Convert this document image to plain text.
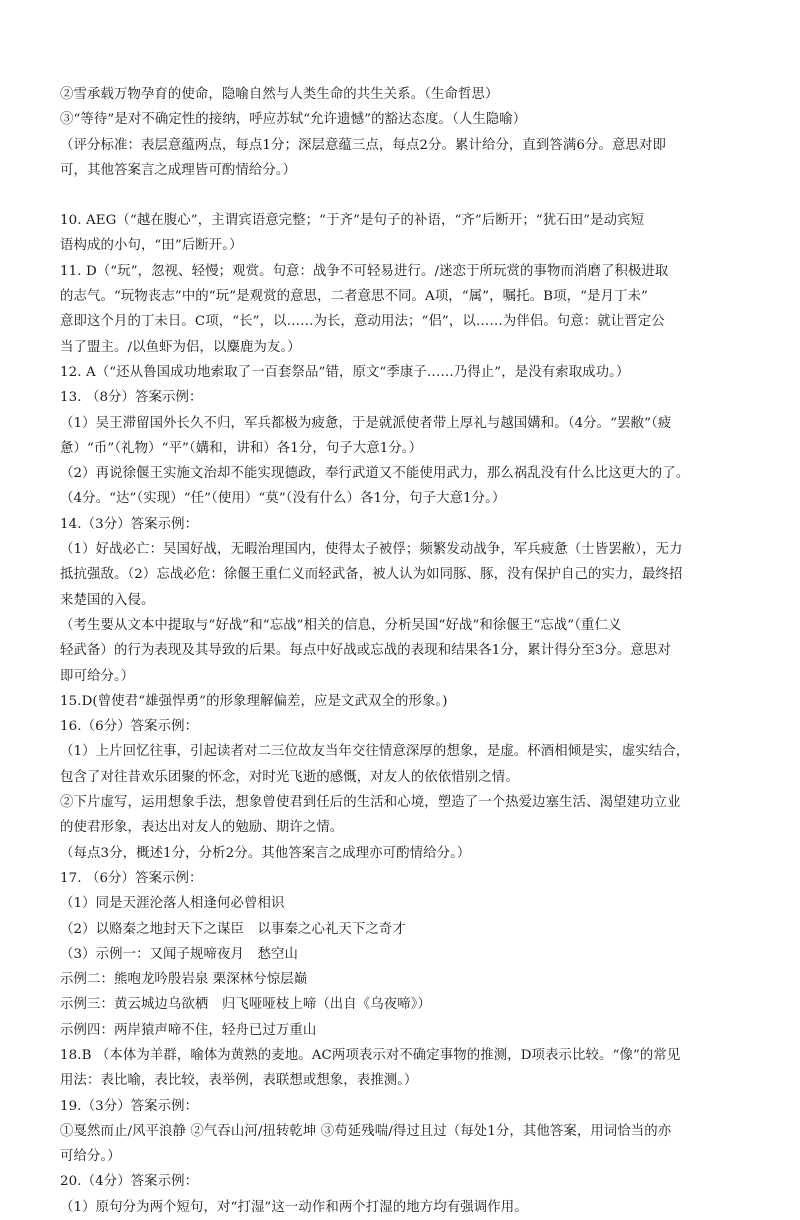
②雪承载万物孕育的使命，隐喻自然与人类生命的共生关系。（生命哲思）
③“等待”是对不确定性的接纳，呼应苏轼“允许遗憾”的豁达态度。（人生隐喻）
（评分标准：表层意蕴两点，每点1分；深层意蕴三点，每点2分。累计给分，直到答满6分。意思对即
可，其他答案言之成理皆可酌情给分。）
10. AEG（“越在腹心”，主谓宾语意完整；“于齐”是句子的补语，“齐”后断开；“犹石田”是动宾短
语构成的小句，“田”后断开。）
11. D（“玩”，忽视、轻慢；观赏。句意：战争不可轻易进行。/迷恋于所玩赏的事物而消磨了积极进取
的志气。“玩物丧志”中的“玩”是观赏的意思，二者意思不同。A项，“属”，嘱托。B项，“是月丁未”
意即这个月的丁未日。C项，“长”，以……为长，意动用法；“侣”，以……为伴侣。句意：就让晋定公
当了盟主。/以鱼虾为侣，以麋鹿为友。）
12. A（“还从鲁国成功地索取了一百套祭品”错，原文“季康子……乃得止”，是没有索取成功。）
13. （8分）答案示例：
（1）吴王滞留国外长久不归，军兵都极为疲惫，于是就派使者带上厚礼与越国媾和。（4分。“罢敝”（疲
惫）“币”（礼物）“平”（媾和，讲和）各1分，句子大意1分。）
（2）再说徐偃王实施文治却不能实现德政，奉行武道又不能使用武力，那么祸乱没有什么比这更大的了。
（4分。“达”（实现）“任”（使用）“莫”（没有什么）各1分，句子大意1分。）
14.（3分）答案示例：
（1）好战必亡：吴国好战，无暇治理国内，使得太子被俘；频繁发动战争，军兵疲惫（士皆罢敝），无力
抵抗强敌。（2）忘战必危：徐偃王重仁义而轻武备，被人认为如同豚、豚，没有保护自己的实力，最终招
来楚国的入侵。
（考生要从文本中提取与“好战”和“忘战”相关的信息，分析吴国“好战”和徐偃王“忘战”（重仁义
轻武备）的行为表现及其导致的后果。每点中好战或忘战的表现和结果各1分，累计得分至3分。意思对
即可给分。）
15.D(曾使君“雄强悍勇”的形象理解偏差，应是文武双全的形象。)
16.（6分）答案示例：
（1）上片回忆往事，引起读者对二三位故友当年交往情意深厚的想象，是虚。杯酒相倾是实，虚实结合，
包含了对往昔欢乐团聚的怀念，对时光飞逝的感慨，对友人的依依惜别之情。
②下片虚写，运用想象手法，想象曾使君到任后的生活和心境，塑造了一个热爱边塞生活、渴望建功立业
的使君形象，表达出对友人的勉励、期许之情。
（每点3分，概述1分，分析2分。其他答案言之成理亦可酌情给分。）
17. （6分）答案示例：
（1）同是天涯沦落人相逢何必曾相识
（2）以赂秦之地封天下之谋臣　以事秦之心礼天下之奇才
（3）示例一：又闻子规啼夜月　愁空山
示例二：熊咆龙吟殷岩泉 栗深林兮惊层巅
示例三：黄云城边乌欲栖　归飞哑哑枝上啼（出自《乌夜啼》）
示例四：两岸猿声啼不住，轻舟已过万重山
18.B （本体为羊群，喻体为黄熟的麦地。AC两项表示对不确定事物的推测，D项表示比较。“像”的常见
用法：表比喻，表比较，表举例，表联想或想象，表推测。）
19.（3分）答案示例：
①戛然而止/风平浪静 ②气吞山河/扭转乾坤 ③苟延残喘/得过且过（每处1分，其他答案，用词恰当的亦
可给分。）
20.（4分）答案示例：
（1）原句分为两个短句，对“打湿”这一动作和两个打湿的地方均有强调作用。
